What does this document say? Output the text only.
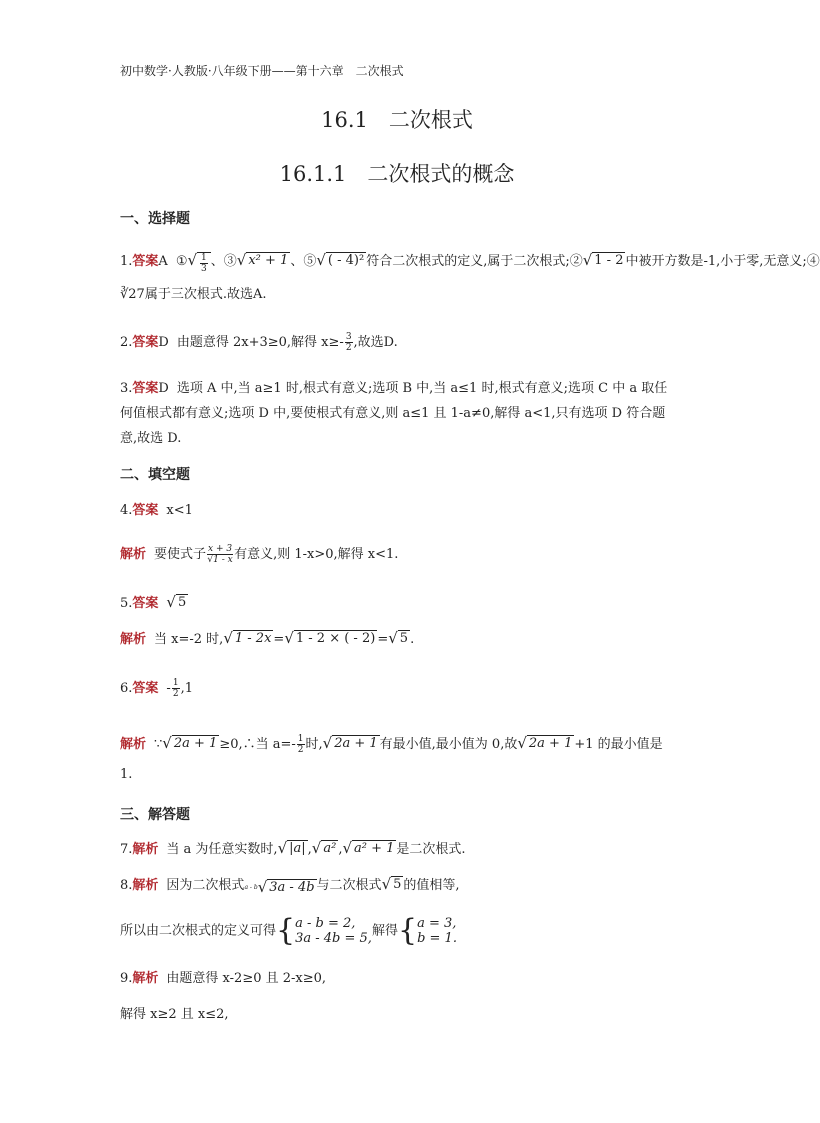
初中数学·人教版·八年级下册——第十六章　二次根式
16.1　二次根式
16.1.1　二次根式的概念
一、选择题
1.答案A ① √ $\frac{1}{3}$ 、③ √ x² + 1 、⑤ √ ( - 4)² 符合二次根式的定义,属于二次根式;② √ 1 - 2 中被开方数是-1,小于零,无意义;④
∛27属于三次根式.故选A.
2.答案D 由题意得 2x+3≥0,解得 $x\ge- \frac{3}{2}$ ,故选D.
3.答案D 选项 A 中,当 a≥1 时,根式有意义;选项 B 中,当 a≤1 时,根式有意义;选项 C 中 a 取任何值根式都有意义;选项 D 中,要使根式有意义,则 a≤1 且 1-a≠0,解得 a<1,只有选项 D 符合题意,故选 D.
二、填空题
4.答案 x<1
解析 要使式子 $\frac{x + 3}{√1 - x}$ 有意义,则 1-x>0,解得 x<1.
5.答案 √ 5
解析 当 x=-2 时, √ 1 - 2x = √ 1 - 2 × ( - 2) = √ 5 .
6.答案 - $\frac{1}{2} ,1$
解析 ∵ √ 2a + 1 ≥0,∴当 $a=- \frac{1}{2}$ 时, √ 2a + 1 有最小值,最小值为 0,故 √ 2a + 1 +1 的最小值是
1.
三、解答题
7.解析 当 a 为任意实数时, √ |a| , √ a² , √ a² + 1 是二次根式.
8.解析 因为二次根式 a - b √ 3a - 4b 与二次根式 √ 5 的值相等,
所以由二次根式的定义可得 { a - b = 2,
3a - 4b = 5, 解得 { a = 3,
b = 1.
9.解析 由题意得 x-2≥0 且 2-x≥0,
解得 x≥2 且 x≤2,
